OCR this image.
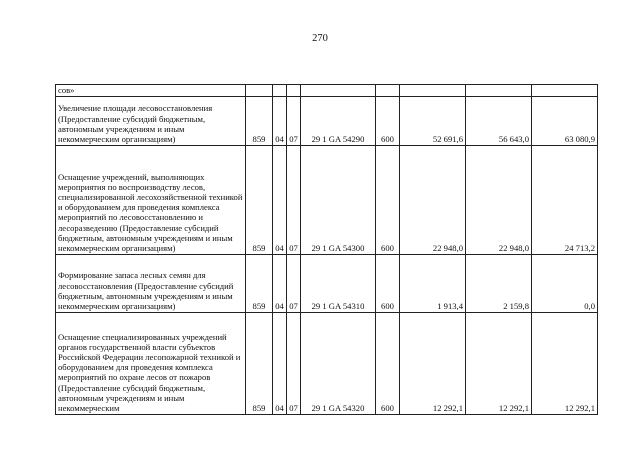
270
сов»								
Увеличение площади лесовосстановления (Предоставление субсидий бюджетным, автономным учреждениям и иным некоммерческим организациям)	859	04	07	29 1 GA 54290	600	52 691,6	56 643,0	63 080,9
Оснащение учреждений, выполняющих мероприятия по воспроизводству лесов, специализированной лесохозяйственной техникой и оборудованием для проведения комплекса мероприятий по лесовосстановлению и лесоразведению (Предоставление субсидий бюджетным, автономным учреждениям и иным некоммерческим организациям)	859	04	07	29 1 GA 54300	600	22 948,0	22 948,0	24 713,2
Формирование запаса лесных семян для лесовосстановления (Предоставление субсидий бюджетным, автономным учреждениям и иным некоммерческим организациям)	859	04	07	29 1 GA 54310	600	1 913,4	2 159,8	0,0
Оснащение специализированных учреждений органов государственной власти субъектов Российской Федерации лесопожарной техникой и оборудованием для проведения комплекса мероприятий по охране лесов от пожаров (Предоставление субсидий бюджетным, автономным учреждениям и иным некоммерческим	859	04	07	29 1 GA 54320	600	12 292,1	12 292,1	12 292,1
